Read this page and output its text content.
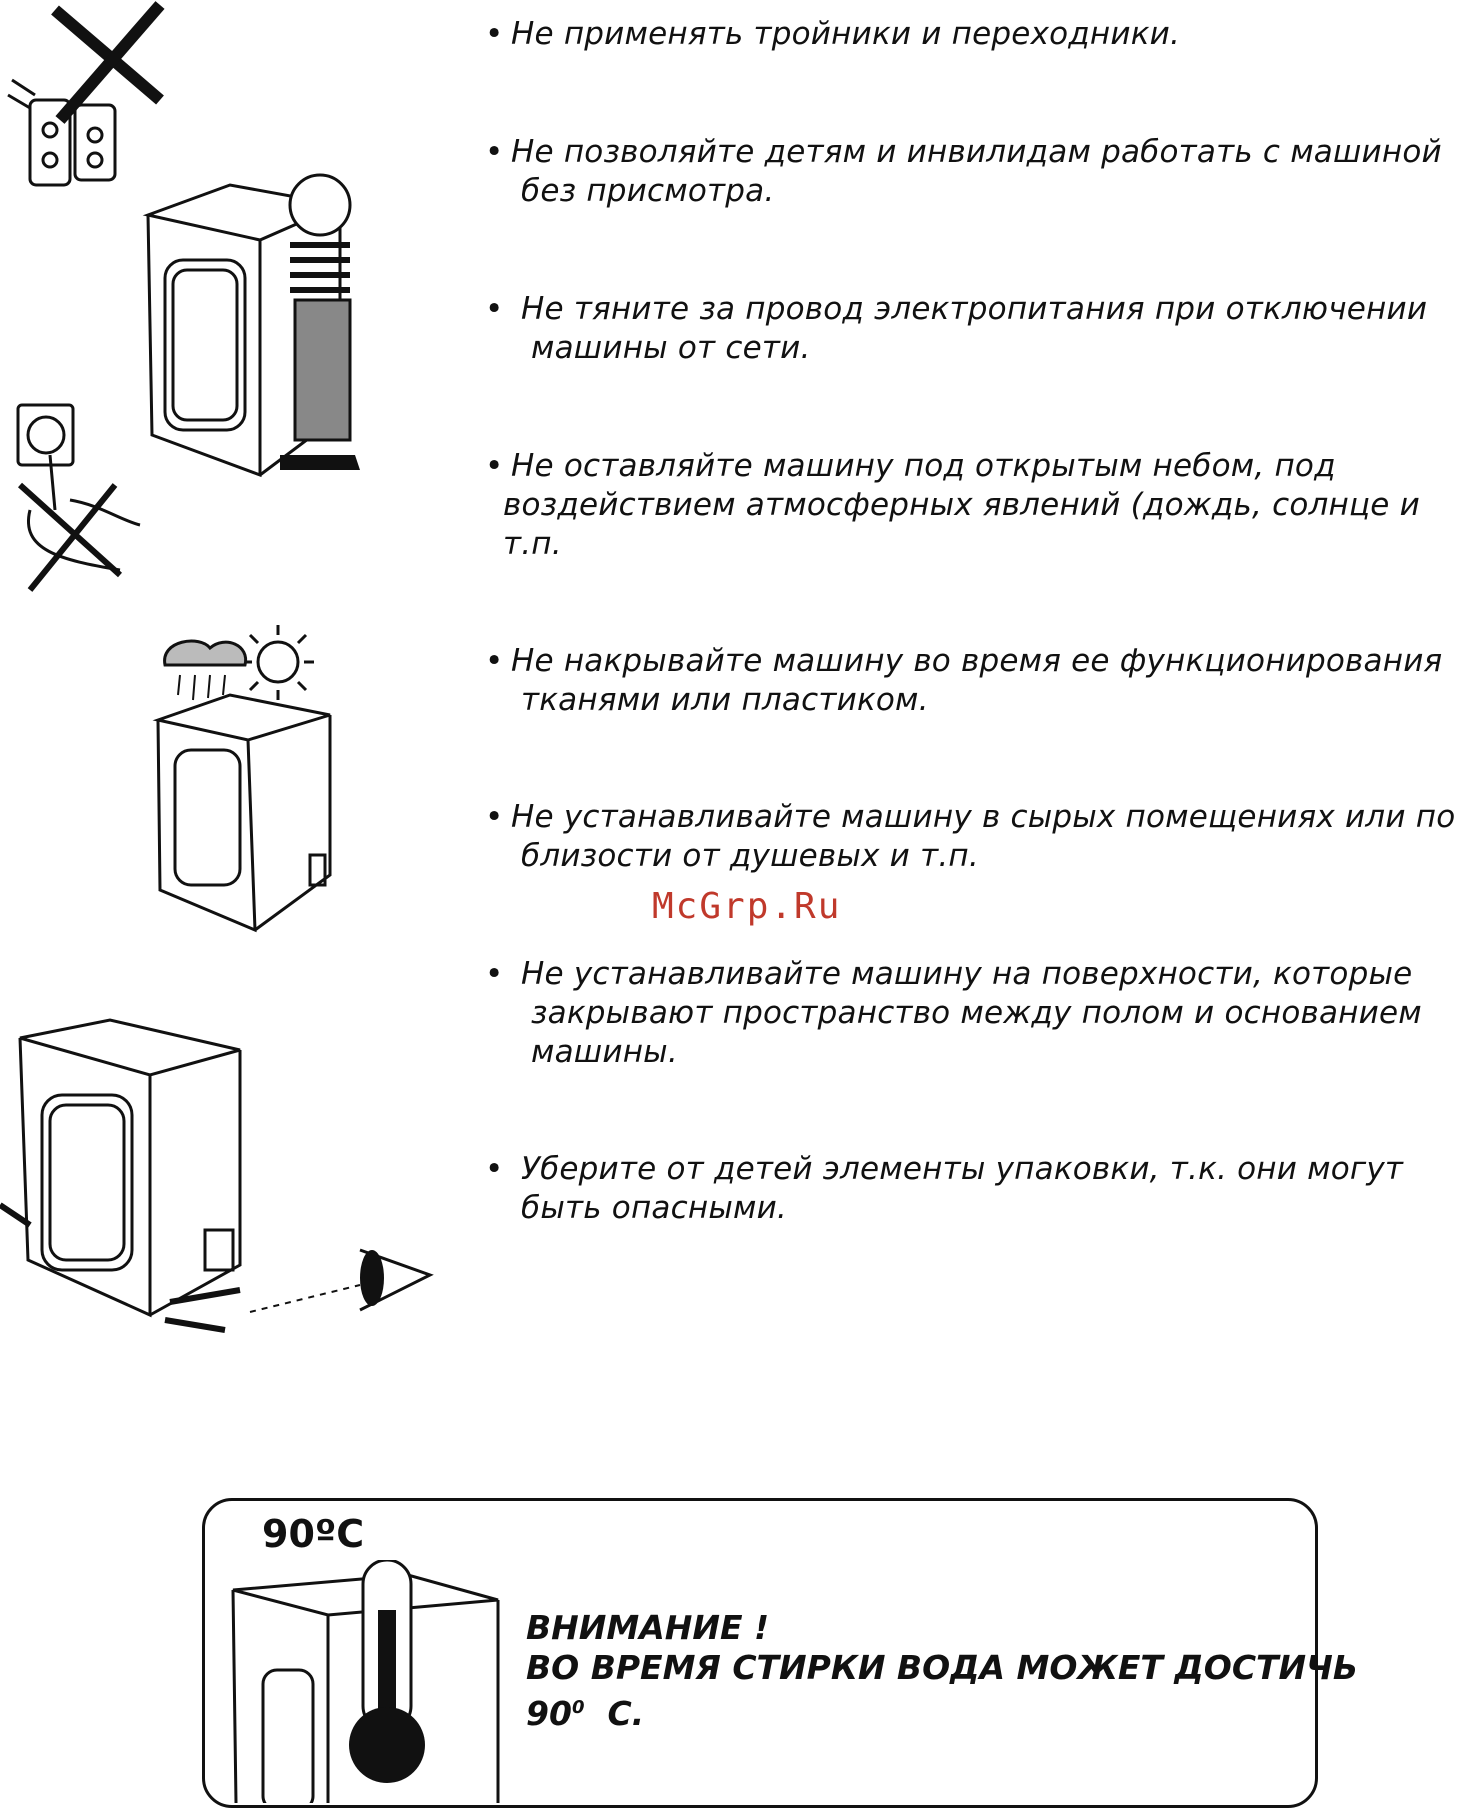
• Не применять тройники и переходники.
• Не позволяйте детям и инвилидам работать с машиной
без присмотра.
• Не тяните за провод электропитания при отключении
машины от сети.
• Не оставляйте машину под открытым небом, под
воздействием атмосферных явлений (дождь, солнце и
т.п.
• Не накрывайте машину во время ее функционирования
тканями или пластиком.
• Не устанавливайте машину в сырых помещениях или по
близости от душевых и т.п.
McGrp.Ru
• Не устанавливайте машину на поверхности, которые
закрывают пространство между полом и основанием
машины.
• Уберите от детей элементы упаковки, т.к. они могут
быть опасными.
90ºC
ВНИМАНИЕ !
ВО ВРЕМЯ СТИРКИ ВОДА МОЖЕТ ДОСТИЧЬ
$90^0$  С.
